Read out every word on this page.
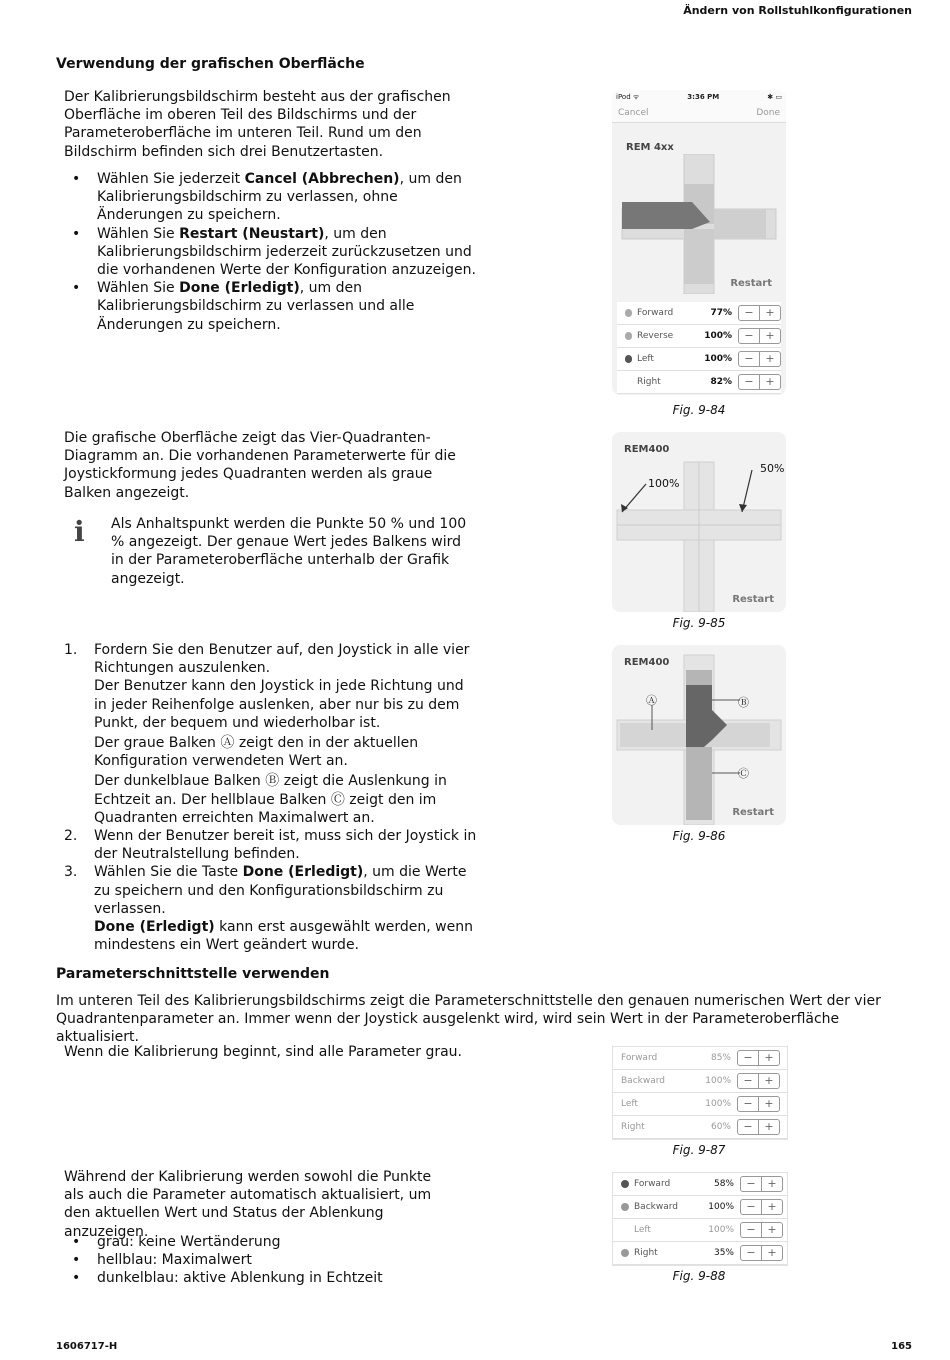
Ändern von Rollstuhlkonfigurationen
1606717-H	165
Verwendung der grafischen Oberfläche

Der Kalibrierungsbildschirm besteht aus der grafischen Oberfläche im oberen Teil des Bildschirms und der Parameteroberfläche im unteren Teil. Rund um den Bildschirm befinden sich drei Benutzertasten.

• Wählen Sie jederzeit Cancel (Abbrechen), um den Kalibrierungsbildschirm zu verlassen, ohne Änderungen zu speichern.
• Wählen Sie Restart (Neustart), um den Kalibrierungsbildschirm jederzeit zurückzusetzen und die vorhandenen Werte der Konfiguration anzuzeigen.
• Wählen Sie Done (Erledigt), um den Kalibrierungsbildschirm zu verlassen und alle Änderungen zu speichern.
Die grafische Oberfläche zeigt das Vier-Quadranten-Diagramm an. Die vorhandenen Parameterwerte für die Joystickformung jedes Quadranten werden als graue Balken angezeigt.
ℹ Als Anhaltspunkt werden die Punkte 50 % und 100 % angezeigt. Der genaue Wert jedes Balkens wird in der Parameteroberfläche unterhalb der Grafik angezeigt.
1. Fordern Sie den Benutzer auf, den Joystick in alle vier Richtungen auszulenken.

Der Benutzer kann den Joystick in jede Richtung und in jeder Reihenfolge auslenken, aber nur bis zu dem Punkt, der bequem und wiederholbar ist.

Der graue Balken Ⓐ zeigt den in der aktuellen Konfiguration verwendeten Wert an.

Der dunkelblaue Balken Ⓑ zeigt die Auslenkung in Echtzeit an. Der hellblaue Balken Ⓒ zeigt den im Quadranten erreichten Maximalwert an.

2. Wenn der Benutzer bereit ist, muss sich der Joystick in der Neutralstellung befinden.

3. Wählen Sie die Taste Done (Erledigt), um die Werte zu speichern und den Konfigurationsbildschirm zu verlassen.

Done (Erledigt) kann erst ausgewählt werden, wenn mindestens ein Wert geändert wurde.

Parameterschnittstelle verwenden
Im unteren Teil des Kalibrierungsbildschirms zeigt die Parameterschnittstelle den genauen numerischen Wert der vier Quadrantenparameter an. Immer wenn der Joystick ausgelenkt wird, wird sein Wert in der Parameteroberfläche aktualisiert.
Wenn die Kalibrierung beginnt, sind alle Parameter grau.
Während der Kalibrierung werden sowohl die Punkte als auch die Parameter automatisch aktualisiert, um den aktuellen Wert und Status der Ablenkung anzuzeigen.
• grau: keine Wertänderung
• hellblau: Maximalwert
• dunkelblau: aktive Ablenkung in Echtzeit
iPod ᯤ	3:36 PM	✱ ▭
Cancel	Done
REM 4xx
Restart
Forward	77%	−	+
Reverse	100%	−	+
Left	100%	−	+
Right	82%	−	+
Fig. 9-84
REM400
100%
50%
Restart
Fig. 9-85
REM400
Ⓐ	Ⓑ
Ⓒ
Restart
Fig. 9-86
Forward	85%	−	+
Backward	100%	−	+
Left	100%	−	+
Right	60%	−	+
Fig. 9-87
Forward	58%	−	+
Backward	100%	−	+
Left	100%	−	+
Right	35%	−	+
Fig. 9-88
